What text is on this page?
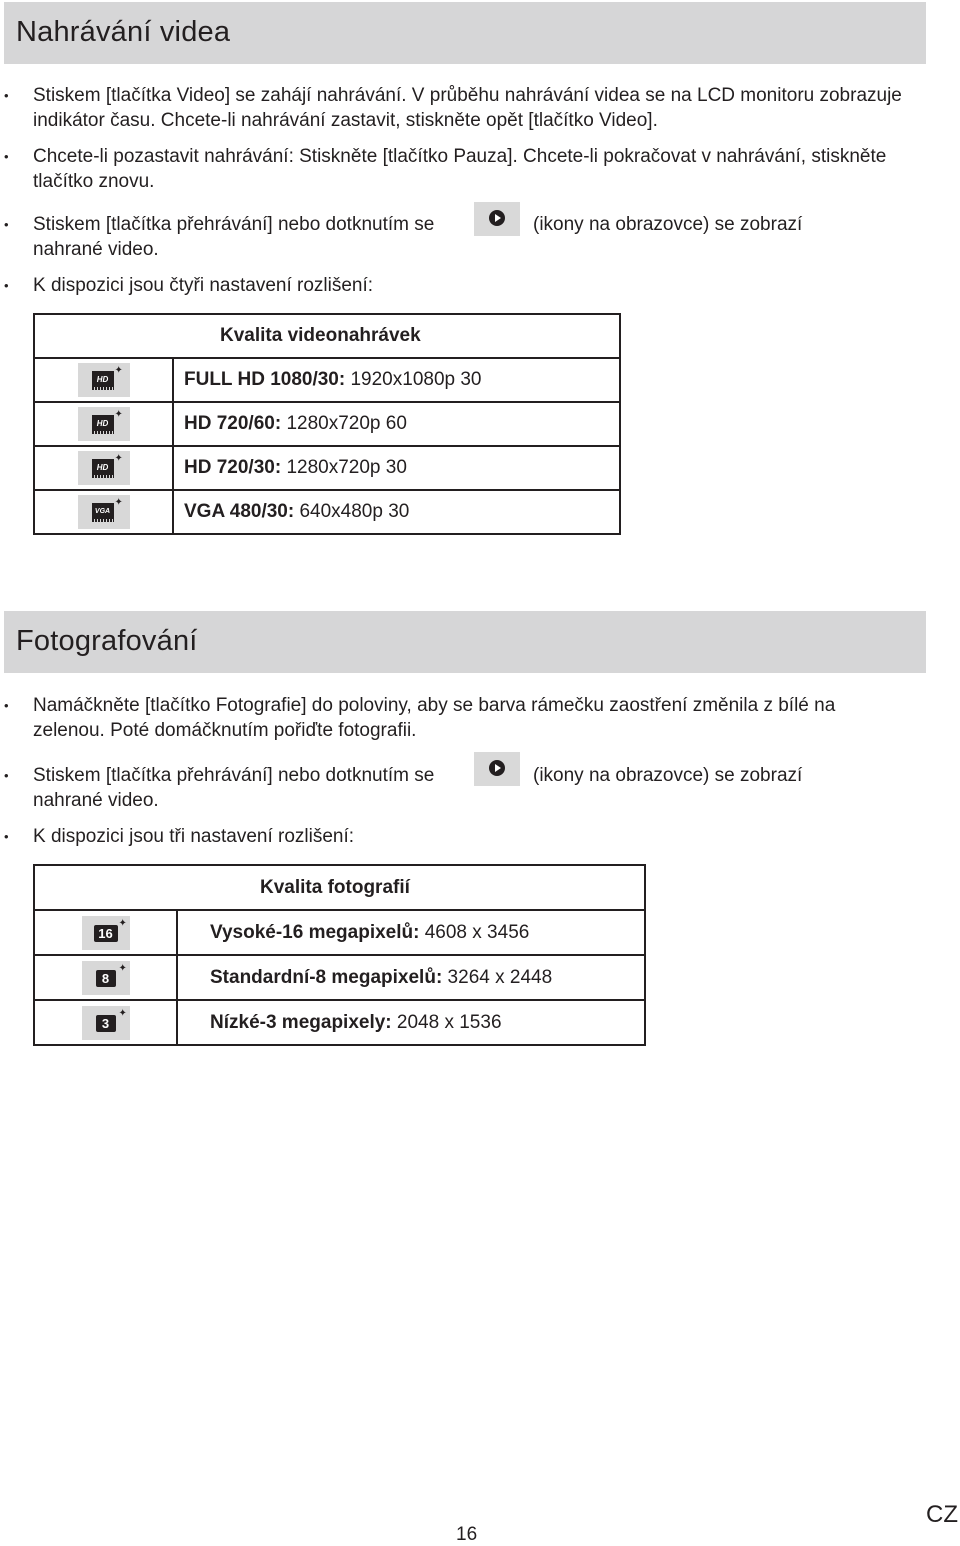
Nahrávání videa
• Stiskem [tlačítka Video] se zahájí nahrávání. V průběhu nahrávání videa se na LCD monitoru zobrazuje indikátor času. Chcete-li nahrávání zastavit, stiskněte opět [tlačítko Video].
• Chcete-li pozastavit nahrávání: Stiskněte [tlačítko Pauza]. Chcete-li pokračovat v nahrávání, stiskněte tlačítko znovu.
• Stiskem [tlačítka přehrávání] nebo dotknutím se	(ikony na obrazovce) se zobrazí
nahrané video.
• K dispozici jsou čtyři nastavení rozlišení:
Kvalita videonahrávek	

HD
✦	FULL HD 1080/30: 1920x1080p 30

HD
✦	HD 720/60: 1280x720p 60

HD
✦	HD 720/30: 1280x720p 30

VGA
✦	VGA 480/30: 640x480p 30
Fotografování
• Namáčkněte [tlačítko Fotografie] do poloviny, aby se barva rámečku zaostření změnila z bílé na zelenou. Poté domáčknutím pořiďte fotografii.
• Stiskem [tlačítka přehrávání] nebo dotknutím se	(ikony na obrazovce) se zobrazí
nahrané video.
• K dispozici jsou tři nastavení rozlišení:
Kvalita fotografií	

16
✦	Vysoké-16 megapixelů: 4608 x 3456

8
✦	Standardní-8 megapixelů: 3264 x 2448

3
✦	Nízké-3 megapixely: 2048 x 1536
16
CZ
